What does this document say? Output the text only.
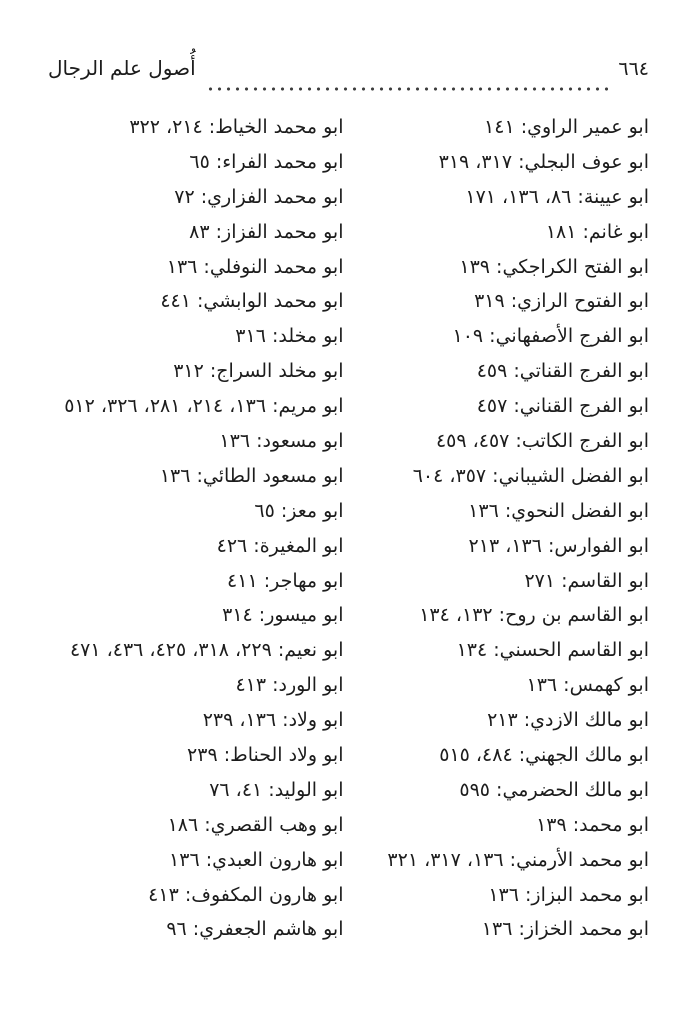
أُصول علم الرجال	٦٦٤
ابو عمير الراوي: ١٤١
ابو عوف البجلي: ٣١٧، ٣١٩
ابو عيينة: ٨٦، ١٣٦، ١٧١
ابو غانم: ١٨١
ابو الفتح الكراجكي: ١٣٩
ابو الفتوح الرازي: ٣١٩
ابو الفرج الأصفهاني: ١٠٩
ابو الفرج القناتي: ٤٥٩
ابو الفرج القناني: ٤٥٧
ابو الفرج الكاتب: ٤٥٧، ٤٥٩
ابو الفضل الشيباني: ٣٥٧، ٦٠٤
ابو الفضل النحوي: ١٣٦
ابو الفوارس: ١٣٦، ٢١٣
ابو القاسم: ٢٧١
ابو القاسم بن روح: ١٣٢، ١٣٤
ابو القاسم الحسني: ١٣٤
ابو كهمس: ١٣٦
ابو مالك الازدي: ٢١٣
ابو مالك الجهني: ٤٨٤، ٥١٥
ابو مالك الحضرمي: ٥٩٥
ابو محمد: ١٣٩
ابو محمد الأرمني: ١٣٦، ٣١٧، ٣٢١
ابو محمد البزاز: ١٣٦
ابو محمد الخزاز: ١٣٦
ابو محمد الخياط: ٢١٤، ٣٢٢
ابو محمد الفراء: ٦٥
ابو محمد الفزاري: ٧٢
ابو محمد الفزاز: ٨٣
ابو محمد النوفلي: ١٣٦
ابو محمد الوابشي: ٤٤١
ابو مخلد: ٣١٦
ابو مخلد السراج: ٣١٢
ابو مريم: ١٣٦، ٢١٤، ٢٨١، ٣٢٦، ٥١٢
ابو مسعود: ١٣٦
ابو مسعود الطائي: ١٣٦
ابو معز: ٦٥
ابو المغيرة: ٤٢٦
ابو مهاجر: ٤١١
ابو ميسور: ٣١٤
ابو نعيم: ٢٢٩، ٣١٨، ٤٢٥، ٤٣٦، ٤٧١
ابو الورد: ٤١٣
ابو ولاد: ١٣٦، ٢٣٩
ابو ولاد الحناط: ٢٣٩
ابو الوليد: ٤١، ٧٦
ابو وهب القصري: ١٨٦
ابو هارون العبدي: ١٣٦
ابو هارون المكفوف: ٤١٣
ابو هاشم الجعفري: ٩٦
